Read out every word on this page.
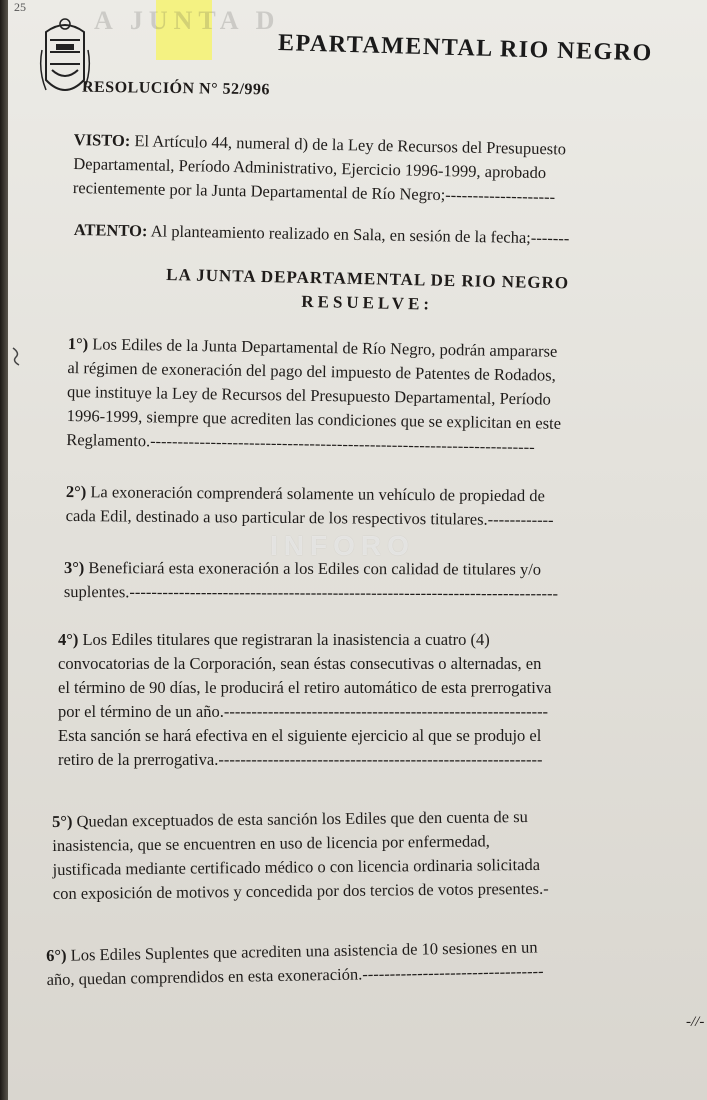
25	A JUNTA D
EPARTAMENTAL RIO NEGRO
RESOLUCIÓN N° 52/996

VISTO: El Artículo 44, numeral d) de la Ley de Recursos del Presupuesto

Departamental, Período Administrativo, Ejercicio 1996-1999, aprobado

recientemente por la Junta Departamental de Río Negro;--------------------

ATENTO: Al planteamiento realizado en Sala, en sesión de la fecha;-------

LA JUNTA DEPARTAMENTAL DE RIO NEGRO

RESUELVE:

1°) Los Ediles de la Junta Departamental de Río Negro, podrán ampararse

al régimen de exoneración del pago del impuesto de Patentes de Rodados,

que instituye la Ley de Recursos del Presupuesto Departamental, Período

1996-1999, siempre que acrediten las condiciones que se explicitan en este

Reglamento.----------------------------------------------------------------------

2°) La exoneración comprenderá solamente un vehículo de propiedad de

cada Edil, destinado a uso particular de los respectivos titulares.------------

3°) Beneficiará esta exoneración a los Ediles con calidad de titulares y/o

suplentes.------------------------------------------------------------------------------

4°) Los Ediles titulares que registraran la inasistencia a cuatro (4)

convocatorias de la Corporación, sean éstas consecutivas o alternadas, en

el término de 90 días, le producirá el retiro automático de esta prerrogativa

por el término de un año.-----------------------------------------------------------

Esta sanción se hará efectiva en el siguiente ejercicio al que se produjo el

retiro de la prerrogativa.-----------------------------------------------------------

5°) Quedan exceptuados de esta sanción los Ediles que den cuenta de su

inasistencia, que se encuentren en uso de licencia por enfermedad,

justificada mediante certificado médico o con licencia ordinaria solicitada

con exposición de motivos y concedida por dos tercios de votos presentes.-

6°) Los Ediles Suplentes que acrediten una asistencia de 10 sesiones en un

año, quedan comprendidos en esta exoneración.---------------------------------

INFORO
-//-
